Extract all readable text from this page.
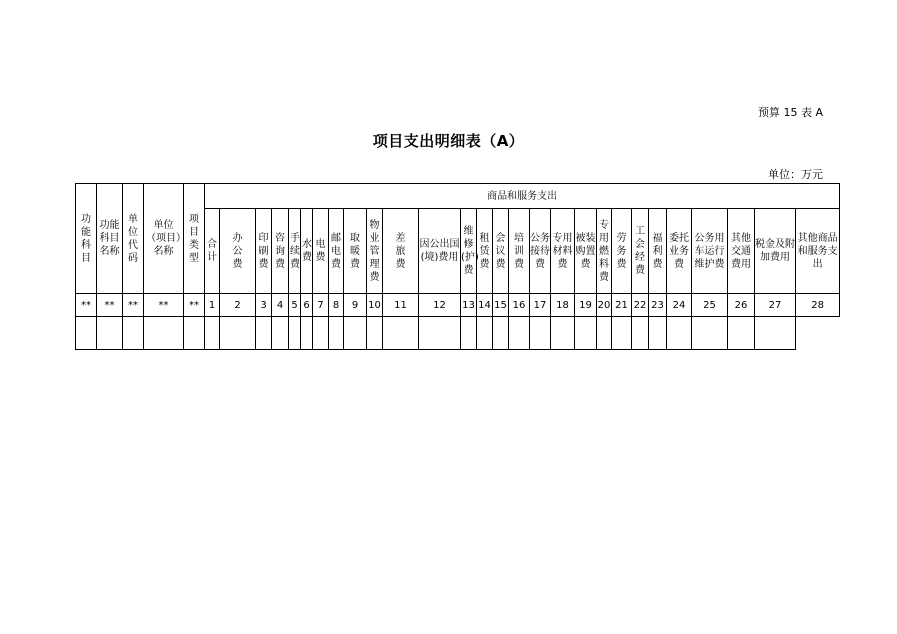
预算 15 表 A
项目支出明细表（A）
单位：万元
功能科目	功能科目名称	单位代码	单位（项目）名称	项目类型	商品和服务支出																											

					合计	办公费	印刷费	咨询费	手续费	水费	电费	邮电费	取暖费	物业管理费	差旅费	因公出国(境)费用	维修(护)费	租赁费	会议费	培训费	公务接待费	专用材料费	被装购置费	专用燃料费	劳务费	工会经费	福利费	委托业务费	公务用车运行维护费	其他交通费用	税金及附加费用	其他商品和服务支出

**	**	**	**	**	1	2	3	4	5	6	7	8	9	10	11	12	13	14	15	16	17	18	19	20	21	22	23	24	25	26	27	28
